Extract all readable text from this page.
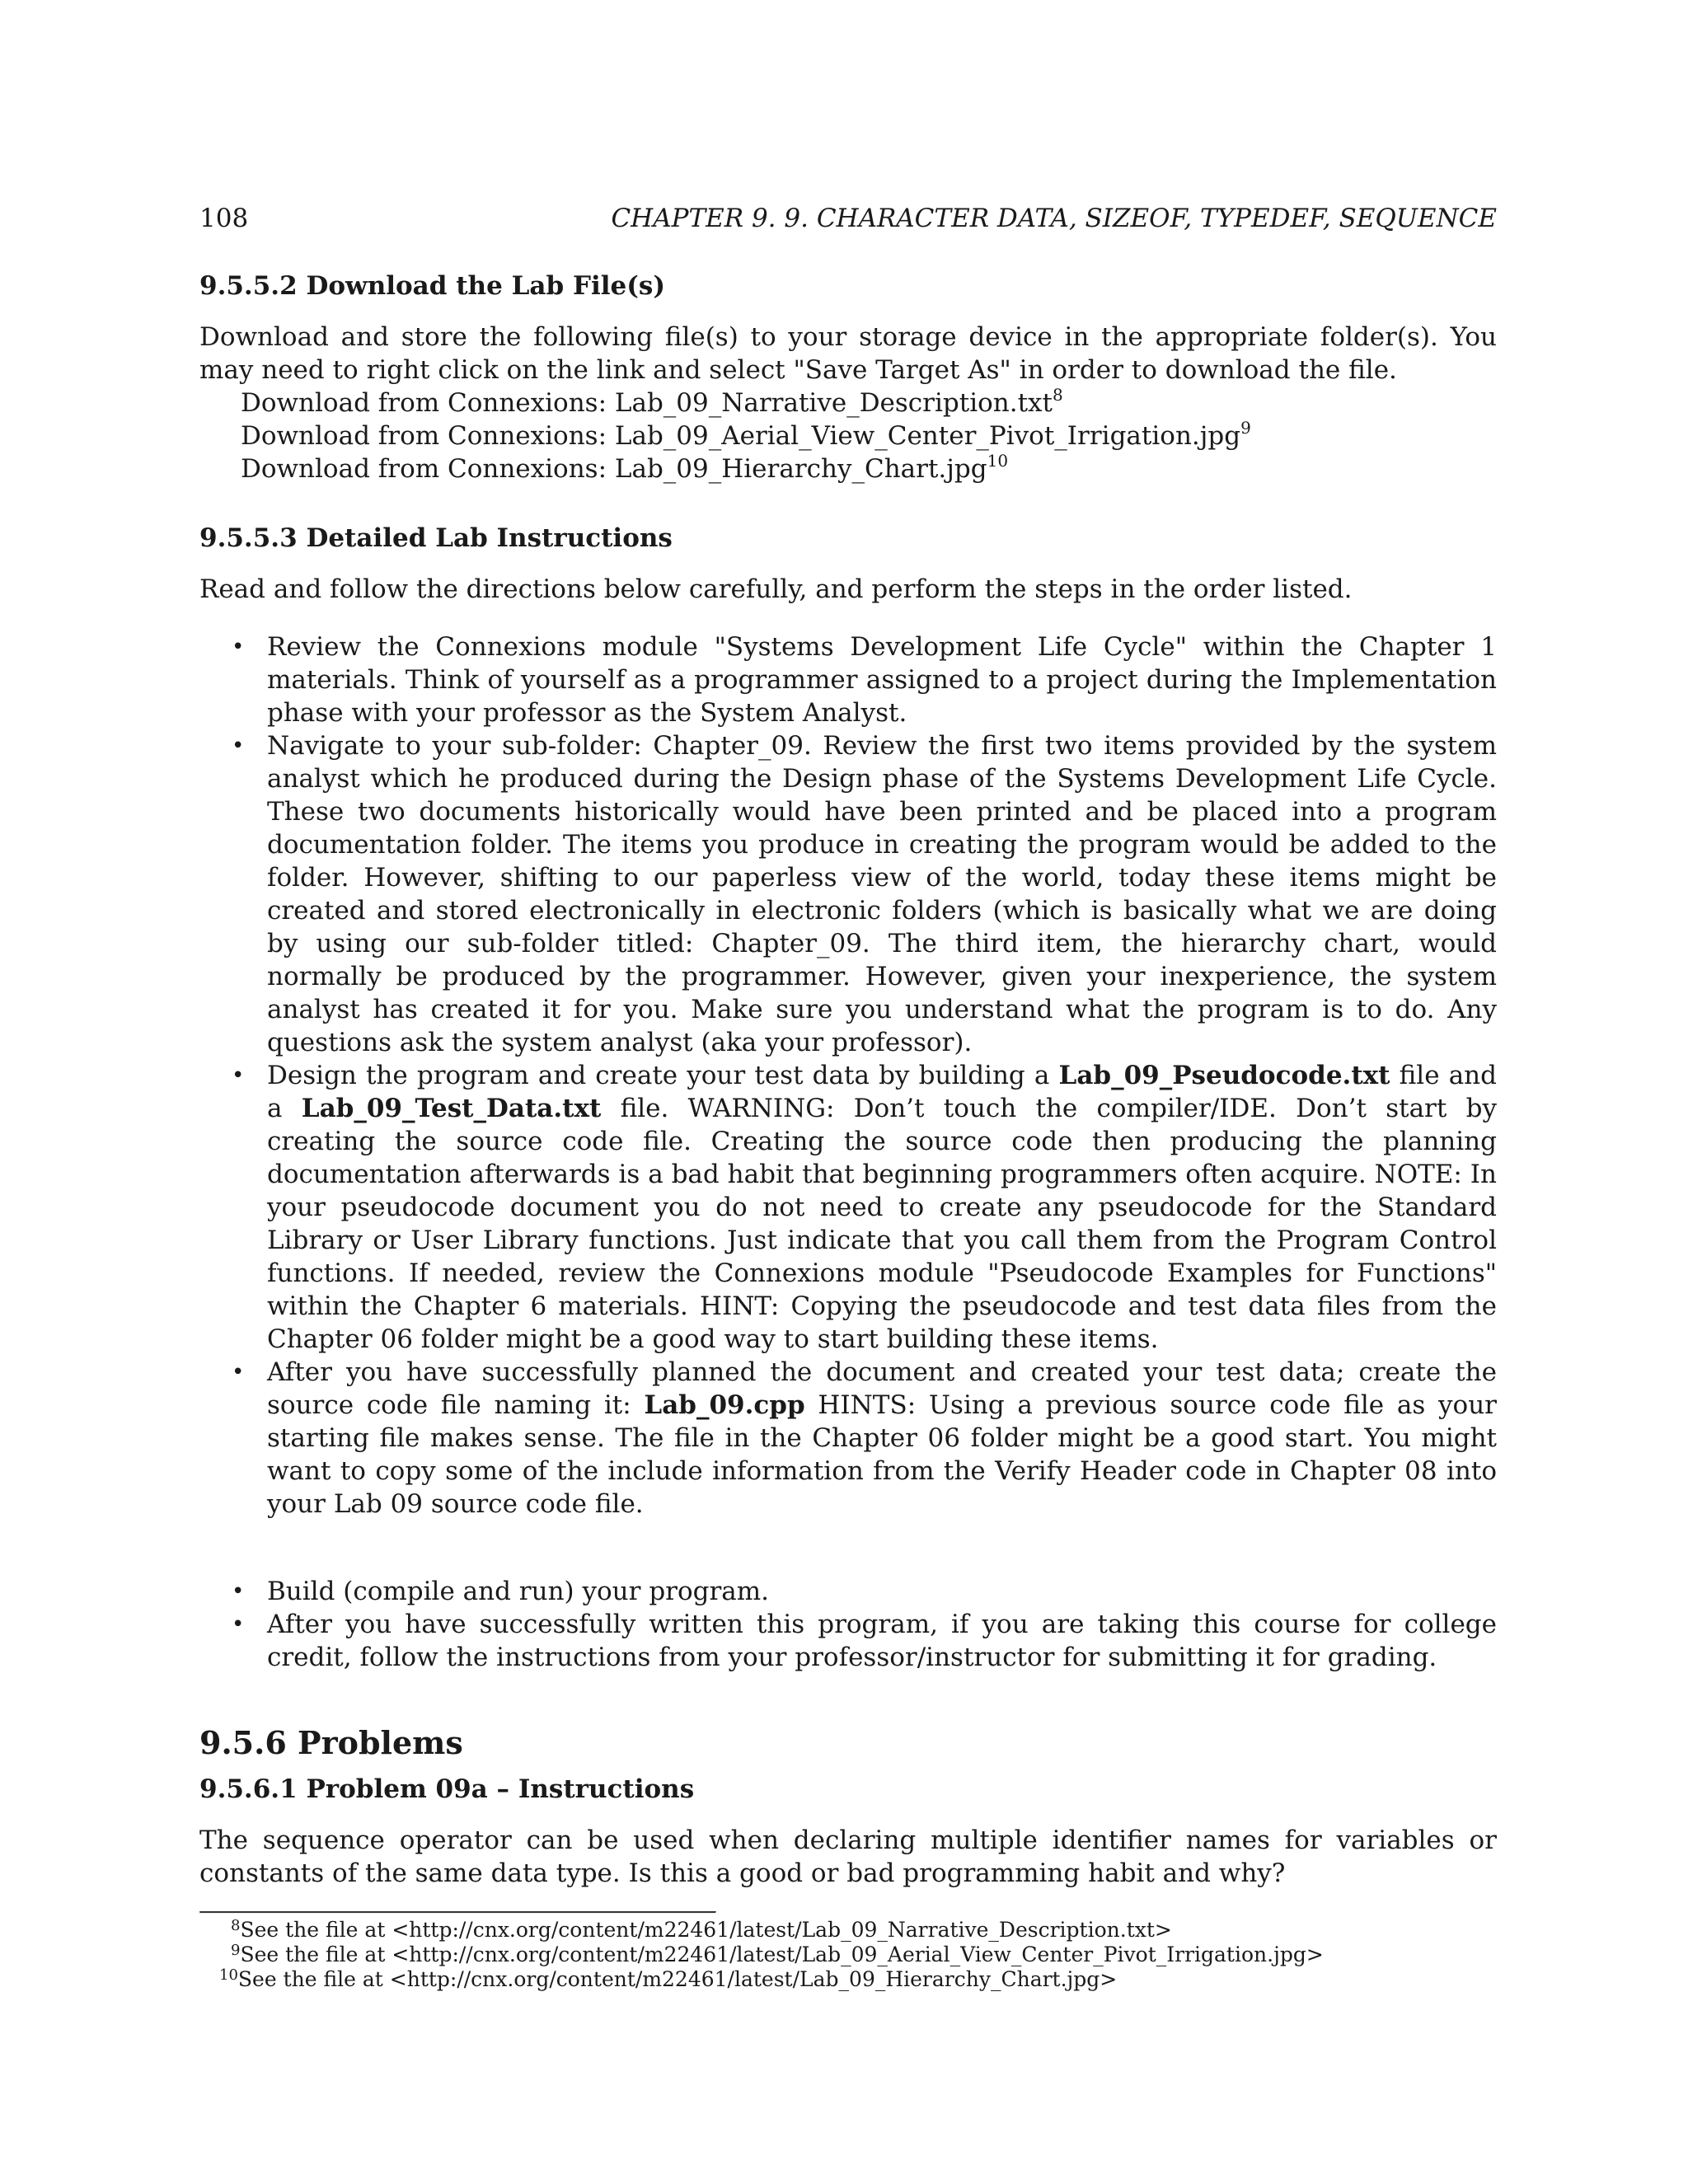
108	CHAPTER 9. 9. CHARACTER DATA, SIZEOF, TYPEDEF, SEQUENCE
9.5.5.2 Download the Lab File(s)

Download and store the following file(s) to your storage device in the appropriate folder(s). You may need to right click on the link and select "Save Target As" in order to download the file.

Download from Connexions: Lab_09_Narrative_Description.txt$^8$
Download from Connexions: Lab_09_Aerial_View_Center_Pivot_Irrigation.jpg$^9$
Download from Connexions: Lab_09_Hierarchy_Chart.jpg$^{10}$
9.5.5.3 Detailed Lab Instructions

Read and follow the directions below carefully, and perform the steps in the order listed.

• Review the Connexions module "Systems Development Life Cycle" within the Chapter 1 materials. Think of yourself as a programmer assigned to a project during the Implementation phase with your professor as the System Analyst.
• Navigate to your sub-folder: Chapter_09. Review the first two items provided by the system analyst which he produced during the Design phase of the Systems Development Life Cycle. These two documents historically would have been printed and be placed into a program documentation folder. The items you produce in creating the program would be added to the folder. However, shifting to our paperless view of the world, today these items might be created and stored electronically in electronic folders (which is basically what we are doing by using our sub-folder titled: Chapter_09. The third item, the hierarchy chart, would normally be produced by the programmer. However, given your inexperience, the system analyst has created it for you. Make sure you understand what the program is to do. Any questions ask the system analyst (aka your professor).
• Design the program and create your test data by building a Lab_09_Pseudocode.txt file and a Lab_09_Test_Data.txt file. WARNING: Don’t touch the compiler/IDE. Don’t start by creating the source code file. Creating the source code then producing the planning documentation afterwards is a bad habit that beginning programmers often acquire. NOTE: In your pseudocode document you do not need to create any pseudocode for the Standard Library or User Library functions. Just indicate that you call them from the Program Control functions. If needed, review the Connexions module "Pseudocode Examples for Functions" within the Chapter 6 materials. HINT: Copying the pseudocode and test data files from the Chapter 06 folder might be a good way to start building these items.
• After you have successfully planned the document and created your test data; create the source code file naming it: Lab_09.cpp HINTS: Using a previous source code file as your starting file makes sense. The file in the Chapter 06 folder might be a good start. You might want to copy some of the include information from the Verify Header code in Chapter 08 into your Lab 09 source code file.
• Build (compile and run) your program.
• After you have successfully written this program, if you are taking this course for college credit, follow the instructions from your professor/instructor for submitting it for grading.
9.5.6 Problems
9.5.6.1 Problem 09a – Instructions

The sequence operator can be used when declaring multiple identifier names for variables or constants of the same data type. Is this a good or bad programming habit and why?

$^8$See the file at <http://cnx.org/content/m22461/latest/Lab_09_Narrative_Description.txt>
$^9$See the file at <http://cnx.org/content/m22461/latest/Lab_09_Aerial_View_Center_Pivot_Irrigation.jpg>
$^{10}$See the file at <http://cnx.org/content/m22461/latest/Lab_09_Hierarchy_Chart.jpg>
